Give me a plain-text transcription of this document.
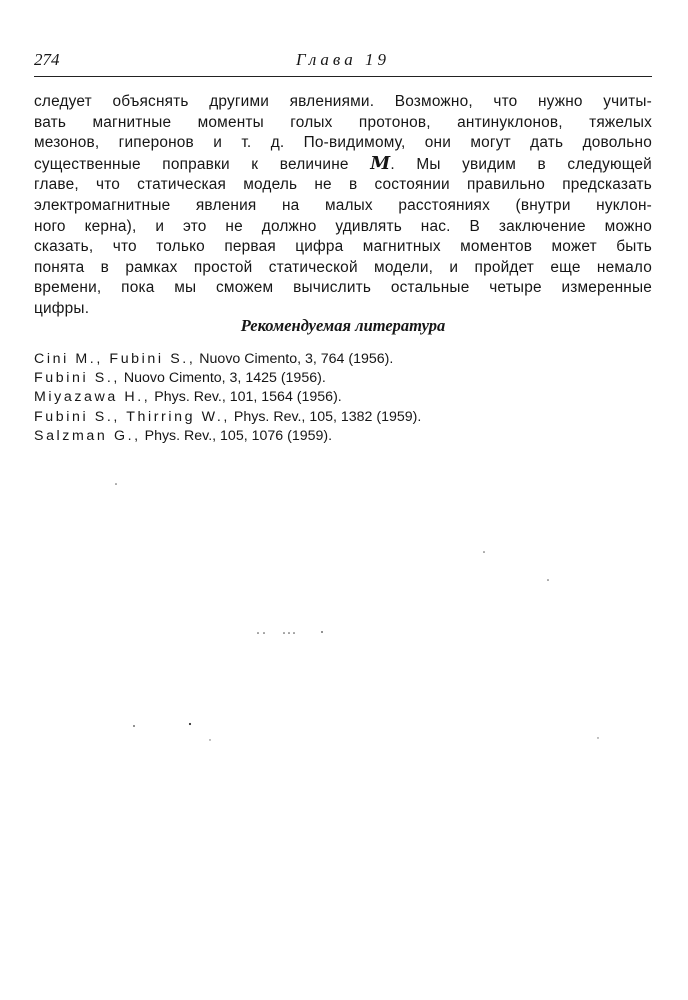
274	Глава 19

следует объяснять другими явлениями. Возможно, что нужно учиты-
вать магнитные моменты голых протонов, антинуклонов, тяжелых
мезонов, гиперонов и т. д. По-видимому, они могут дать довольно
существенные поправки к величине M. Мы увидим в следующей
главе, что статическая модель не в состоянии правильно предсказать
электромагнитные явления на малых расстояниях (внутри нуклон-
ного керна), и это не должно удивлять нас. В заключение можно
сказать, что только первая цифра магнитных моментов может быть
понята в рамках простой статической модели, и пройдет еще немало
времени, пока мы сможем вычислить остальные четыре измеренные
цифры.

Рекомендуемая литература
Cini M., Fubini S., Nuovo Cimento, 3, 764 (1956).
Fubini S., Nuovo Cimento, 3, 1425 (1956).
Miyazawa H., Phys. Rev., 101, 1564 (1956).
Fubini S., Thirring W., Phys. Rev., 105, 1382 (1959).
Salzman G., Phys. Rev., 105, 1076 (1959).
